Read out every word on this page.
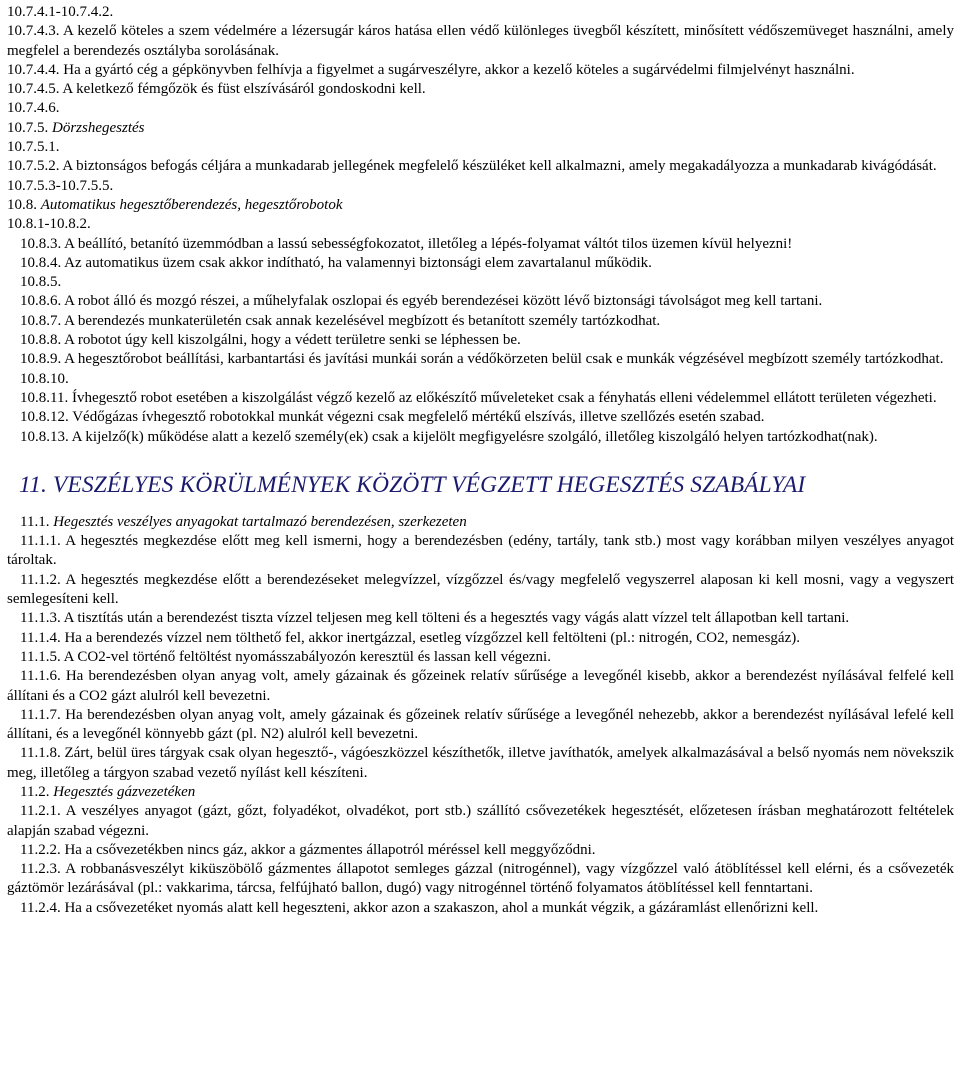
10.7.4.1-10.7.4.2.

10.7.4.3. A kezelő köteles a szem védelmére a lézersugár káros hatása ellen védő különleges üvegből készített, minősített védőszemüveget használni, amely megfelel a berendezés osztályba sorolásának.

10.7.4.4. Ha a gyártó cég a gépkönyvben felhívja a figyelmet a sugárveszélyre, akkor a kezelő köteles a sugárvédelmi filmjelvényt használni.

10.7.4.5. A keletkező fémgőzök és füst elszívásáról gondoskodni kell.

10.7.4.6.

10.7.5. Dörzshegesztés

10.7.5.1.

10.7.5.2. A biztonságos befogás céljára a munkadarab jellegének megfelelő készüléket kell alkalmazni, amely megakadályozza a munkadarab kivágódását.

10.7.5.3-10.7.5.5.

10.8. Automatikus hegesztőberendezés, hegesztőrobotok

10.8.1-10.8.2.

10.8.3. A beállító, betanító üzemmódban a lassú sebességfokozatot, illetőleg a lépés-folyamat váltót tilos üzemen kívül helyezni!

10.8.4. Az automatikus üzem csak akkor indítható, ha valamennyi biztonsági elem zavartalanul működik.

10.8.5.

10.8.6. A robot álló és mozgó részei, a műhelyfalak oszlopai és egyéb berendezései között lévő biztonsági távolságot meg kell tartani.

10.8.7. A berendezés munkaterületén csak annak kezelésével megbízott és betanított személy tartózkodhat.

10.8.8. A robotot úgy kell kiszolgálni, hogy a védett területre senki se léphessen be.

10.8.9. A hegesztőrobot beállítási, karbantartási és javítási munkái során a védőkörzeten belül csak e munkák végzésével megbízott személy tartózkodhat.

10.8.10.

10.8.11. Ívhegesztő robot esetében a kiszolgálást végző kezelő az előkészítő műveleteket csak a fényhatás elleni védelemmel ellátott területen végezheti.

10.8.12. Védőgázas ívhegesztő robotokkal munkát végezni csak megfelelő mértékű elszívás, illetve szellőzés esetén szabad.

10.8.13. A kijelző(k) működése alatt a kezelő személy(ek) csak a kijelölt megfigyelésre szolgáló, illetőleg kiszolgáló helyen tartózkodhat(nak).

11. VESZÉLYES KÖRÜLMÉNYEK KÖZÖTT VÉGZETT HEGESZTÉS SZABÁLYAI

11.1. Hegesztés veszélyes anyagokat tartalmazó berendezésen, szerkezeten

11.1.1. A hegesztés megkezdése előtt meg kell ismerni, hogy a berendezésben (edény, tartály, tank stb.) most vagy korábban milyen veszélyes anyagot tároltak.

11.1.2. A hegesztés megkezdése előtt a berendezéseket melegvízzel, vízgőzzel és/vagy megfelelő vegyszerrel alaposan ki kell mosni, vagy a vegyszert semlegesíteni kell.

11.1.3. A tisztítás után a berendezést tiszta vízzel teljesen meg kell tölteni és a hegesztés vagy vágás alatt vízzel telt állapotban kell tartani.

11.1.4. Ha a berendezés vízzel nem tölthető fel, akkor inertgázzal, esetleg vízgőzzel kell feltölteni (pl.: nitrogén, CO2, nemesgáz).

11.1.5. A CO2-vel történő feltöltést nyomásszabályozón keresztül és lassan kell végezni.

11.1.6. Ha berendezésben olyan anyag volt, amely gázainak és gőzeinek relatív sűrűsége a levegőnél kisebb, akkor a berendezést nyílásával felfelé kell állítani és a CO2 gázt alulról kell bevezetni.

11.1.7. Ha berendezésben olyan anyag volt, amely gázainak és gőzeinek relatív sűrűsége a levegőnél nehezebb, akkor a berendezést nyílásával lefelé kell állítani, és a levegőnél könnyebb gázt (pl. N2) alulról kell bevezetni.

11.1.8. Zárt, belül üres tárgyak csak olyan hegesztő-, vágóeszközzel készíthetők, illetve javíthatók, amelyek alkalmazásával a belső nyomás nem növekszik meg, illetőleg a tárgyon szabad vezető nyílást kell készíteni.

11.2. Hegesztés gázvezetéken

11.2.1. A veszélyes anyagot (gázt, gőzt, folyadékot, olvadékot, port stb.) szállító csővezetékek hegesztését, előzetesen írásban meghatározott feltételek alapján szabad végezni.

11.2.2. Ha a csővezetékben nincs gáz, akkor a gázmentes állapotról méréssel kell meggyőződni.

11.2.3. A robbanásveszélyt kiküszöbölő gázmentes állapotot semleges gázzal (nitrogénnel), vagy vízgőzzel való átöblítéssel kell elérni, és a csővezeték gáztömör lezárásával (pl.: vakkarima, tárcsa, felfújható ballon, dugó) vagy nitrogénnel történő folyamatos átöblítéssel kell fenntartani.

11.2.4. Ha a csővezetéket nyomás alatt kell hegeszteni, akkor azon a szakaszon, ahol a munkát végzik, a gázáramlást ellenőrizni kell.
